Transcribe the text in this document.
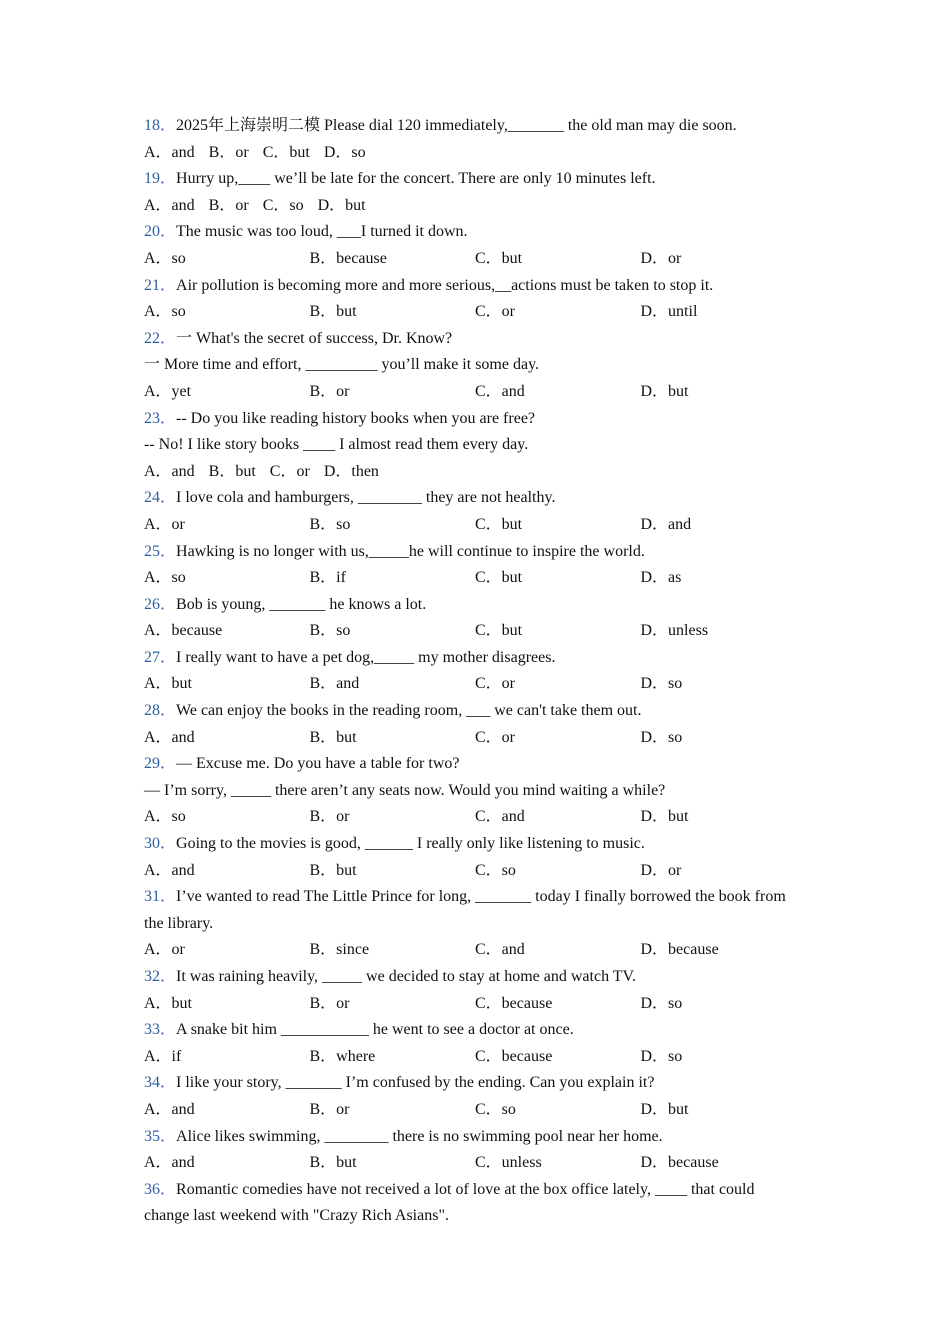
18．2025年上海崇明二模 Please dial 120 immediately,_______ the old man may die soon.
A．and B．or C．but D．so
19．Hurry up,____ we’ll be late for the concert. There are only 10 minutes left.
A．and B．or C．so D．but
20．The music was too loud, ___I turned it down.
A．so	B．because	C．but	D．or
21．Air pollution is becoming more and more serious,__actions must be taken to stop it.
A．so	B．but	C．or	D．until
22．一 What's the secret of success, Dr. Know?
一 More time and effort, _________ you’ll make it some day.
A．yet	B．or	C．and	D．but
23．-- Do you like reading history books when you are free?
-- No! I like story books ____ I almost read them every day.
A．and B．but C．or D．then
24．I love cola and hamburgers, ________ they are not healthy.
A．or	B．so	C．but	D．and
25．Hawking is no longer with us,_____he will continue to inspire the world.
A．so	B．if	C．but	D．as
26．Bob is young, _______ he knows a lot.
A．because	B．so	C．but	D．unless
27．I really want to have a pet dog,_____ my mother disagrees.
A．but	B．and	C．or	D．so
28．We can enjoy the books in the reading room, ___ we can't take them out.
A．and	B．but	C．or	D．so
29．— Excuse me. Do you have a table for two?
— I’m sorry, _____ there aren’t any seats now. Would you mind waiting a while?
A．so	B．or	C．and	D．but
30．Going to the movies is good, ______ I really only like listening to music.
A．and	B．but	C．so	D．or
31．I’ve wanted to read The Little Prince for long, _______ today I finally borrowed the book from the library.
A．or	B．since	C．and	D．because
32．It was raining heavily, _____ we decided to stay at home and watch TV.
A．but	B．or	C．because	D．so
33．A snake bit him ___________ he went to see a doctor at once.
A．if	B．where	C．because	D．so
34．I like your story, _______ I’m confused by the ending. Can you explain it?
A．and	B．or	C．so	D．but
35．Alice likes swimming, ________ there is no swimming pool near her home.
A．and	B．but	C．unless	D．because
36．Romantic comedies have not received a lot of love at the box office lately, ____ that could change last weekend with "Crazy Rich Asians".
